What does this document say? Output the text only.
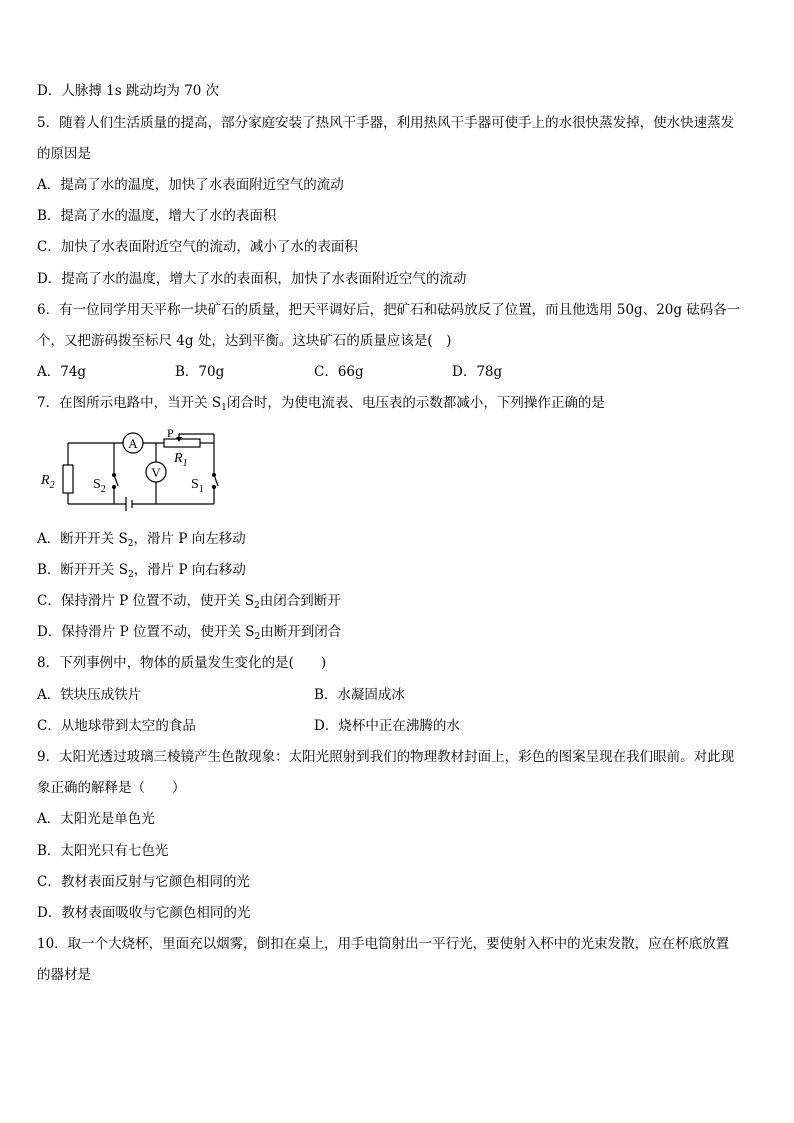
D．人脉搏 1s 跳动均为 70 次
5．随着人们生活质量的提高，部分家庭安装了热风干手器，利用热风干手器可使手上的水很快蒸发掉，使水快速蒸发
的原因是
A．提高了水的温度，加快了水表面附近空气的流动
B．提高了水的温度，增大了水的表面积
C．加快了水表面附近空气的流动，减小了水的表面积
D．提高了水的温度，增大了水的表面积，加快了水表面附近空气的流动
6．有一位同学用天平称一块矿石的质量，把天平调好后，把矿石和砝码放反了位置，而且他选用 50g、20g 砝码各一
个，又把游码拨至标尺 4g 处，达到平衡。这块矿石的质量应该是(　)
A．74g	B．70g	C．66g	D．78g
7．在图所示电路中，当开关 $S_1$闭合时，为使电流表、电压表的示数都减小，下列操作正确的是
A
V
$R_2$	$S_2$
P
$R_1$
$S_1$
A．断开开关 $S_2$，滑片 P 向左移动
B．断开开关 $S_2$，滑片 P 向右移动
C．保持滑片 P 位置不动，使开关 $S_2$由闭合到断开
D．保持滑片 P 位置不动，使开关 $S_2$由断开到闭合
8．下列事例中，物体的质量发生变化的是(　　)
A．铁块压成铁片	B．水凝固成冰
C．从地球带到太空的食品	D．烧杯中正在沸腾的水
9．太阳光透过玻璃三棱镜产生色散现象：太阳光照射到我们的物理教材封面上，彩色的图案呈现在我们眼前。对此现
象正确的解释是（　　）
A．太阳光是单色光
B．太阳光只有七色光
C．教材表面反射与它颜色相同的光
D．教材表面吸收与它颜色相同的光
10．取一个大烧杯，里面充以烟雾，倒扣在桌上，用手电筒射出一平行光，要使射入杯中的光束发散，应在杯底放置
的器材是
